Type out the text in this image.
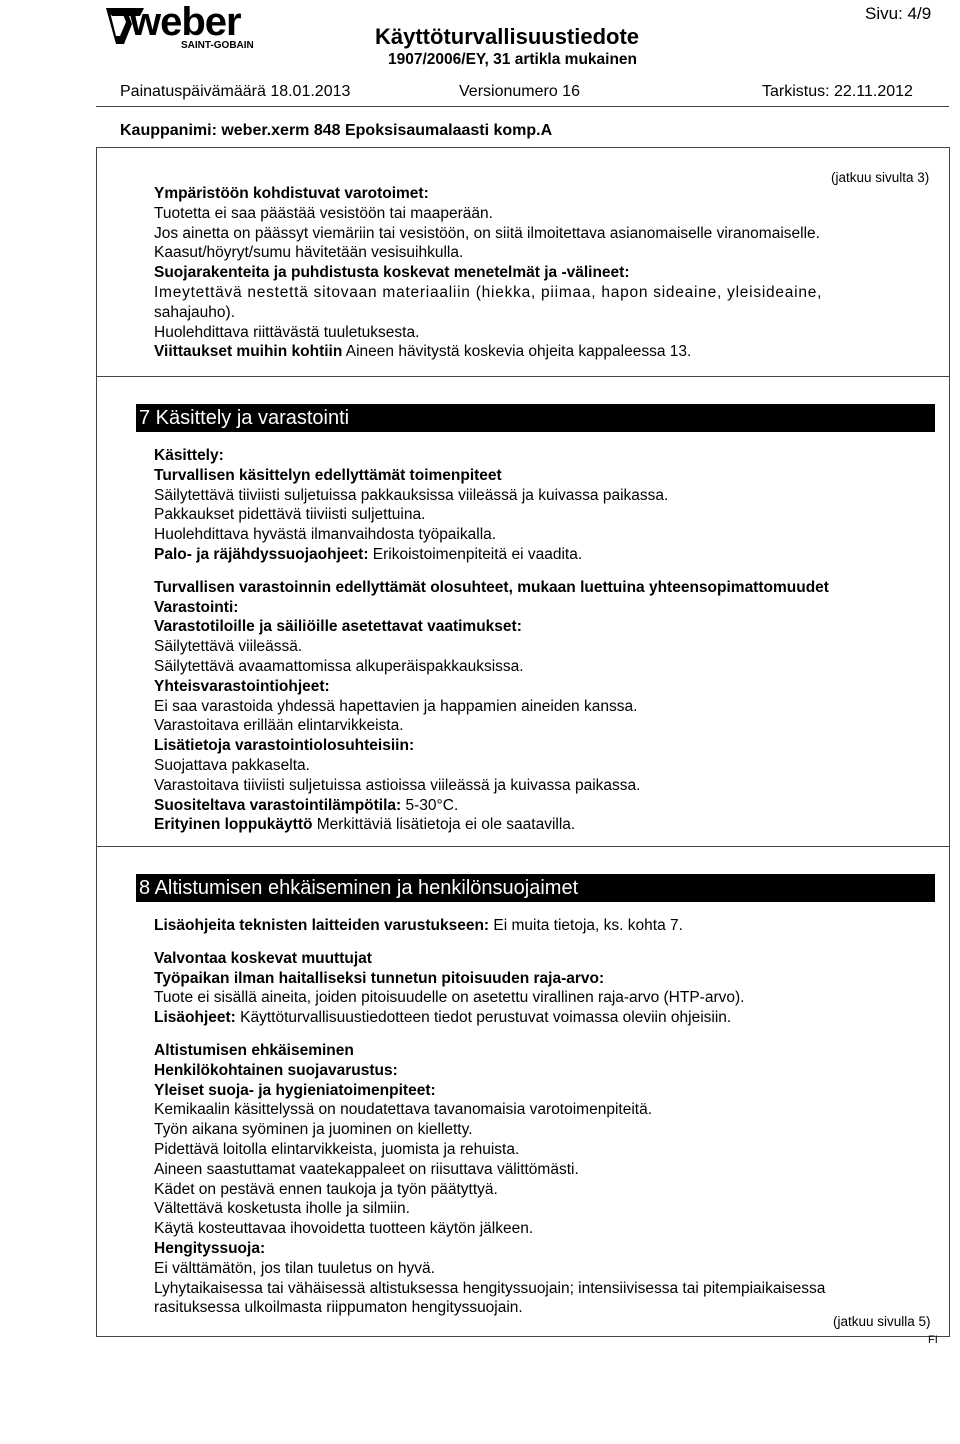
weber
SAINT-GOBAIN
Sivu: 4/9
Käyttöturvallisuustiedote
1907/2006/EY, 31 artikla mukainen
Painatuspäivämäärä 18.01.2013	Versionumero 16	Tarkistus: 22.11.2012
Kauppanimi: weber.xerm 848 Epoksisaumalaasti komp.A
(jatkuu sivulta 3)
Ympäristöön kohdistuvat varotoimet:
Tuotetta ei saa päästää vesistöön tai maaperään.
Jos ainetta on päässyt viemäriin tai vesistöön, on siitä ilmoitettava asianomaiselle viranomaiselle.
Kaasut/höyryt/sumu hävitetään vesisuihkulla.
Suojarakenteita ja puhdistusta koskevat menetelmät ja -välineet:
Imeytettävä nestettä sitovaan materiaaliin (hiekka, piimaa, hapon sideaine, yleisideaine,
sahajauho).
Huolehdittava riittävästä tuuletuksesta.
Viittaukset muihin kohtiin Aineen hävitystä koskevia ohjeita kappaleessa 13.
7 Käsittely ja varastointi
Käsittely:
Turvallisen käsittelyn edellyttämät toimenpiteet
Säilytettävä tiiviisti suljetuissa pakkauksissa viileässä ja kuivassa paikassa.
Pakkaukset pidettävä tiiviisti suljettuina.
Huolehdittava hyvästä ilmanvaihdosta työpaikalla.
Palo- ja räjähdyssuojaohjeet: Erikoistoimenpiteitä ei vaadita.
Turvallisen varastoinnin edellyttämät olosuhteet, mukaan luettuina yhteensopimattomuudet
Varastointi:
Varastotiloille ja säiliöille asetettavat vaatimukset:
Säilytettävä viileässä.
Säilytettävä avaamattomissa alkuperäispakkauksissa.
Yhteisvarastointiohjeet:
Ei saa varastoida yhdessä hapettavien ja happamien aineiden kanssa.
Varastoitava erillään elintarvikkeista.
Lisätietoja varastointiolosuhteisiin:
Suojattava pakkaselta.
Varastoitava tiiviisti suljetuissa astioissa viileässä ja kuivassa paikassa.
Suositeltava varastointilämpötila: 5-30°C.
Erityinen loppukäyttö Merkittäviä lisätietoja ei ole saatavilla.
8 Altistumisen ehkäiseminen ja henkilönsuojaimet
Lisäohjeita teknisten laitteiden varustukseen: Ei muita tietoja, ks. kohta 7.
Valvontaa koskevat muuttujat
Työpaikan ilman haitalliseksi tunnetun pitoisuuden raja-arvo:
Tuote ei sisällä aineita, joiden pitoisuudelle on asetettu virallinen raja-arvo (HTP-arvo).
Lisäohjeet: Käyttöturvallisuustiedotteen tiedot perustuvat voimassa oleviin ohjeisiin.
Altistumisen ehkäiseminen
Henkilökohtainen suojavarustus:
Yleiset suoja- ja hygieniatoimenpiteet:
Kemikaalin käsittelyssä on noudatettava tavanomaisia varotoimenpiteitä.
Työn aikana syöminen ja juominen on kielletty.
Pidettävä loitolla elintarvikkeista, juomista ja rehuista.
Aineen saastuttamat vaatekappaleet on riisuttava välittömästi.
Kädet on pestävä ennen taukoja ja työn päätyttyä.
Vältettävä kosketusta iholle ja silmiin.
Käytä kosteuttavaa ihovoidetta tuotteen käytön jälkeen.
Hengityssuoja:
Ei välttämätön, jos tilan tuuletus on hyvä.
Lyhytaikaisessa tai vähäisessä altistuksessa hengityssuojain; intensiivisessa tai pitempiaikaisessa
rasituksessa ulkoilmasta riippumaton hengityssuojain.
(jatkuu sivulla 5)
FI
